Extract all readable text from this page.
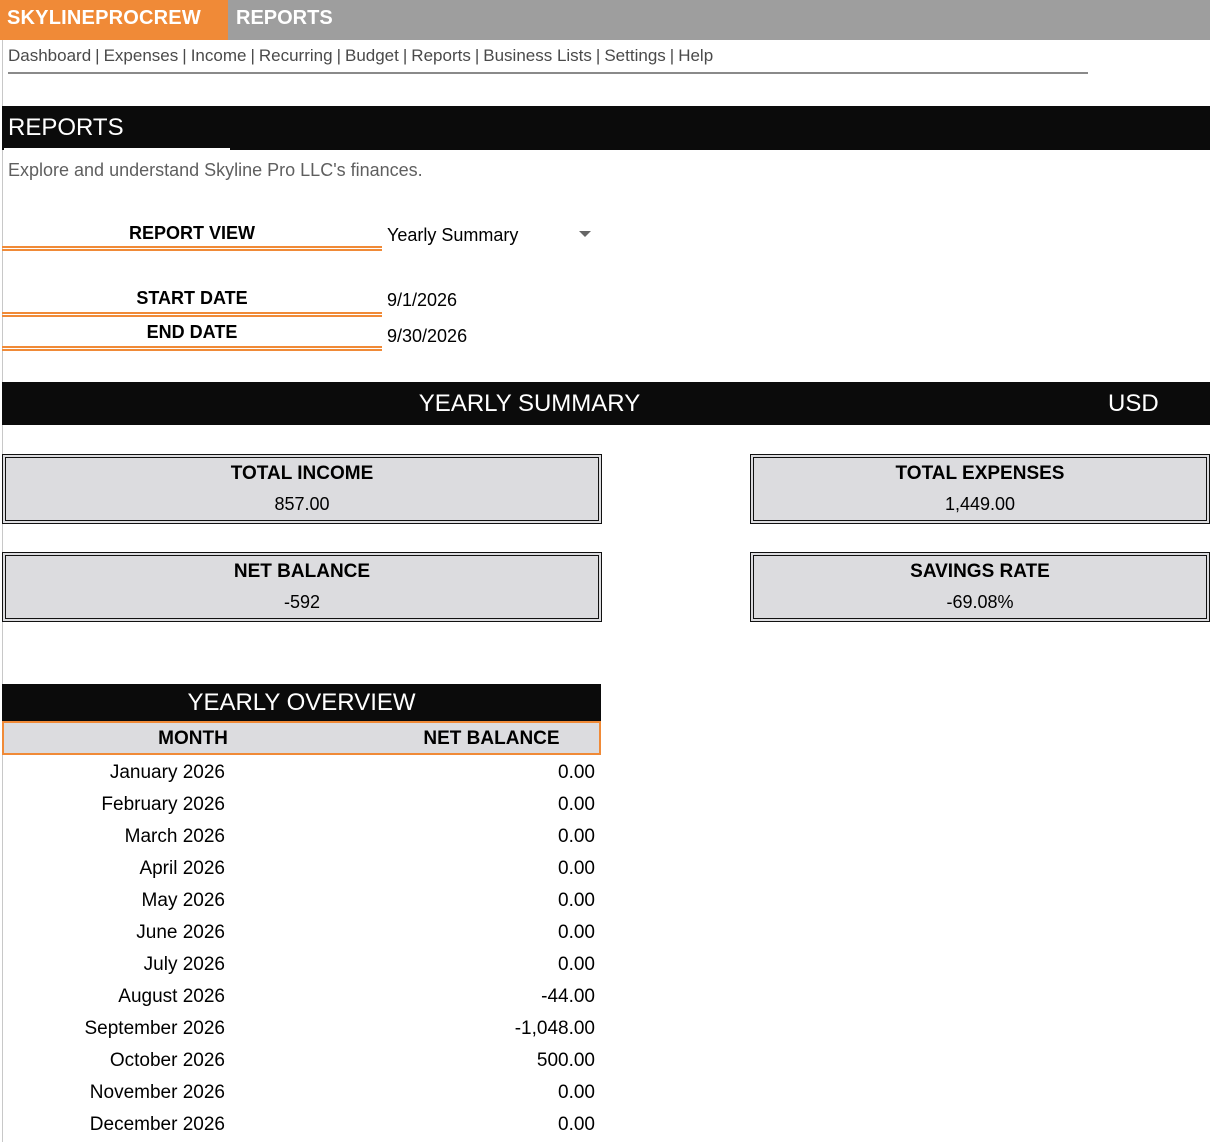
SKYLINEPROCREW	REPORTS
Dashboard | Expenses | Income | Recurring | Budget | Reports | Business Lists | Settings | Help
REPORTS
Explore and understand Skyline Pro LLC's finances.
REPORT VIEW	Yearly Summary
START DATE	9/1/2026
END DATE	9/30/2026
YEARLY SUMMARY	USD
TOTAL INCOME
857.00
TOTAL EXPENSES
1,449.00
NET BALANCE
-592
SAVINGS RATE
-69.08%
YEARLY OVERVIEW
MONTH	NET BALANCE
January 2026	0.00
February 2026	0.00
March 2026	0.00
April 2026	0.00
May 2026	0.00
June 2026	0.00
July 2026	0.00
August 2026	-44.00
September 2026	-1,048.00
October 2026	500.00
November 2026	0.00
December 2026	0.00
